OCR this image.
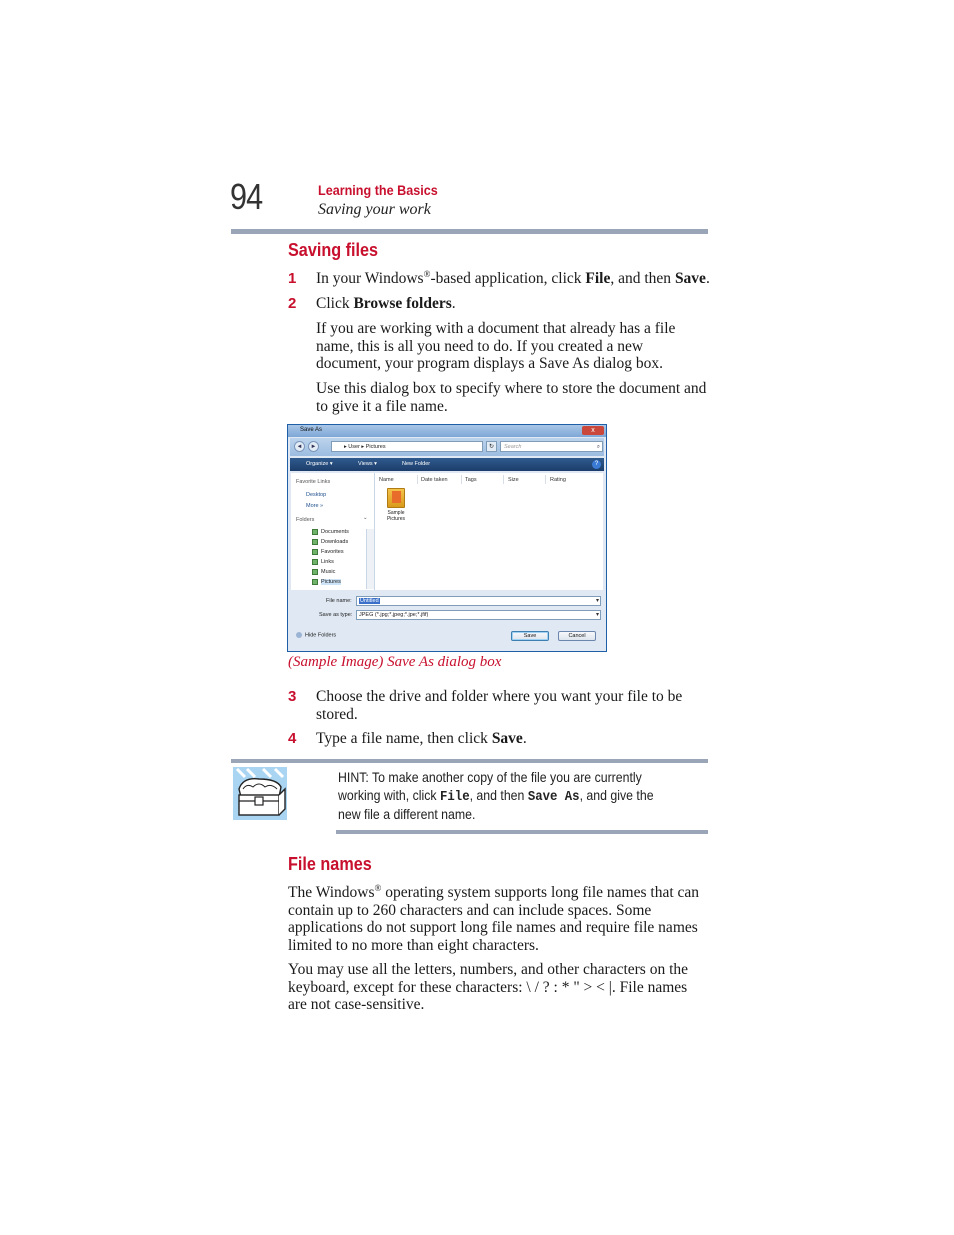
94	Learning the Basics
Saving your work
Saving files
1 In your Windows®-based application, click File, and then Save.
2 Click Browse folders.
If you are working with a document that already has a file name, this is all you need to do. If you created a new document, your program displays a Save As dialog box.
Use this dialog box to specify where to store the document and to give it a file name.
Save As	x
◄	►	▸ User ▸ Pictures	↻	Search	⌕
Organize ▾	Views ▾	New Folder	?
Favorite Links
Desktop
More »
Folders	⌄
Documents
Downloads
Favorites
Links
Music
Pictures
Name	Date taken	Tags	Size	Rating
Sample Pictures
File name:	Untitled	▾
Save as type:	JPEG (*.jpg;*.jpeg;*.jpe;*.jfif)	▾
Hide Folders	Save	Cancel
(Sample Image) Save As dialog box
3 Choose the drive and folder where you want your file to be stored.
4 Type a file name, then click Save.
HINT: To make another copy of the file you are currently working with, click File, and then Save As, and give the new file a different name.
File names
The Windows® operating system supports long file names that can contain up to 260 characters and can include spaces. Some applications do not support long file names and require file names limited to no more than eight characters.
You may use all the letters, numbers, and other characters on the keyboard, except for these characters: \ / ? : * " > < |. File names are not case-sensitive.
